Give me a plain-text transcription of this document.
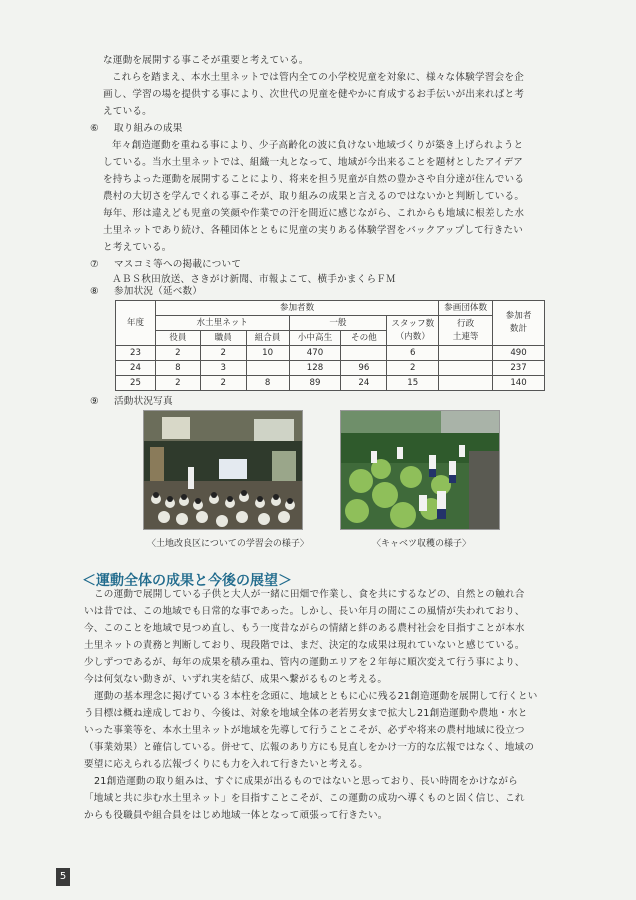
な運動を展開する事こそが重要と考えている。
これらを踏まえ、本水土里ネットでは管内全ての小学校児童を対象に、様々な体験学習会を企
画し、学習の場を提供する事により、次世代の児童を健やかに育成するお手伝いが出来ればと考
えている。
⑥ 取り組みの成果
年々創造運動を重ねる事により、少子高齢化の波に負けない地域づくりが築き上げられようと
している。当水土里ネットでは、組織一丸となって、地域が今出来ることを題材としたアイデア
を持ちよった運動を展開することにより、将来を担う児童が自然の豊かさや自分達が住んでいる
農村の大切さを学んでくれる事こそが、取り組みの成果と言えるのではないかと判断している。
毎年、形は違えども児童の笑顔や作業での汗を間近に感じながら、これからも地域に根差した水
土里ネットであり続け、各種団体とともに児童の実りある体験学習をバックアップして行きたい
と考えている。
⑦ マスコミ等への掲載について
ＡＢＳ秋田放送、さきがけ新聞、市報よこて、横手かまくらＦＭ
⑧ 参加状況（延べ数）
年度	参加者数						参画団体数	参加者
数計
	水土里ネット			一般		スタッフ数
（内数）	行政
土連等	
	役員	職員	組合員	小中高生	その他			
23	2	2	10	470		6		490
24	8	3		128	96	2		237
25	2	2	8	89	24	15		140
⑨ 活動状況写真
〈土地改良区についての学習会の様子〉	〈キャベツ収穫の様子〉
＜運動全体の成果と今後の展望＞
この運動で展開している子供と大人が一緒に田畑で作業し、食を共にするなどの、自然との触れ合
いは昔では、この地域でも日常的な事であった。しかし、長い年月の間にこの風情が失われており、
今、このことを地域で見つめ直し、もう一度昔ながらの情緒と絆のある農村社会を目指すことが本水
土里ネットの責務と判断しており、現段階では、まだ、決定的な成果は現れていないと感じている。
少しずつであるが、毎年の成果を積み重ね、管内の運動エリアを２年毎に順次変えて行う事により、
今は何気ない動きが、いずれ実を結び、成果へ繋がるものと考える。
運動の基本理念に掲げている３本柱を念頭に、地域とともに心に残る21創造運動を展開して行くとい
う目標は概ね達成しており、今後は、対象を地域全体の老若男女まで拡大し21創造運動や農地・水と
いった事業等を、本水土里ネットが地域を先導して行うことこそが、必ずや将来の農村地域に役立つ
（事業効果）と確信している。併せて、広報のあり方にも見直しをかけ一方的な広報ではなく、地域の
要望に応えられる広報づくりにも力を入れて行きたいと考える。
21創造運動の取り組みは、すぐに成果が出るものではないと思っており、長い時間をかけながら
「地域と共に歩む水土里ネット」を目指すことこそが、この運動の成功へ導くものと固く信じ、これ
からも役職員や組合員をはじめ地域一体となって頑張って行きたい。
5
